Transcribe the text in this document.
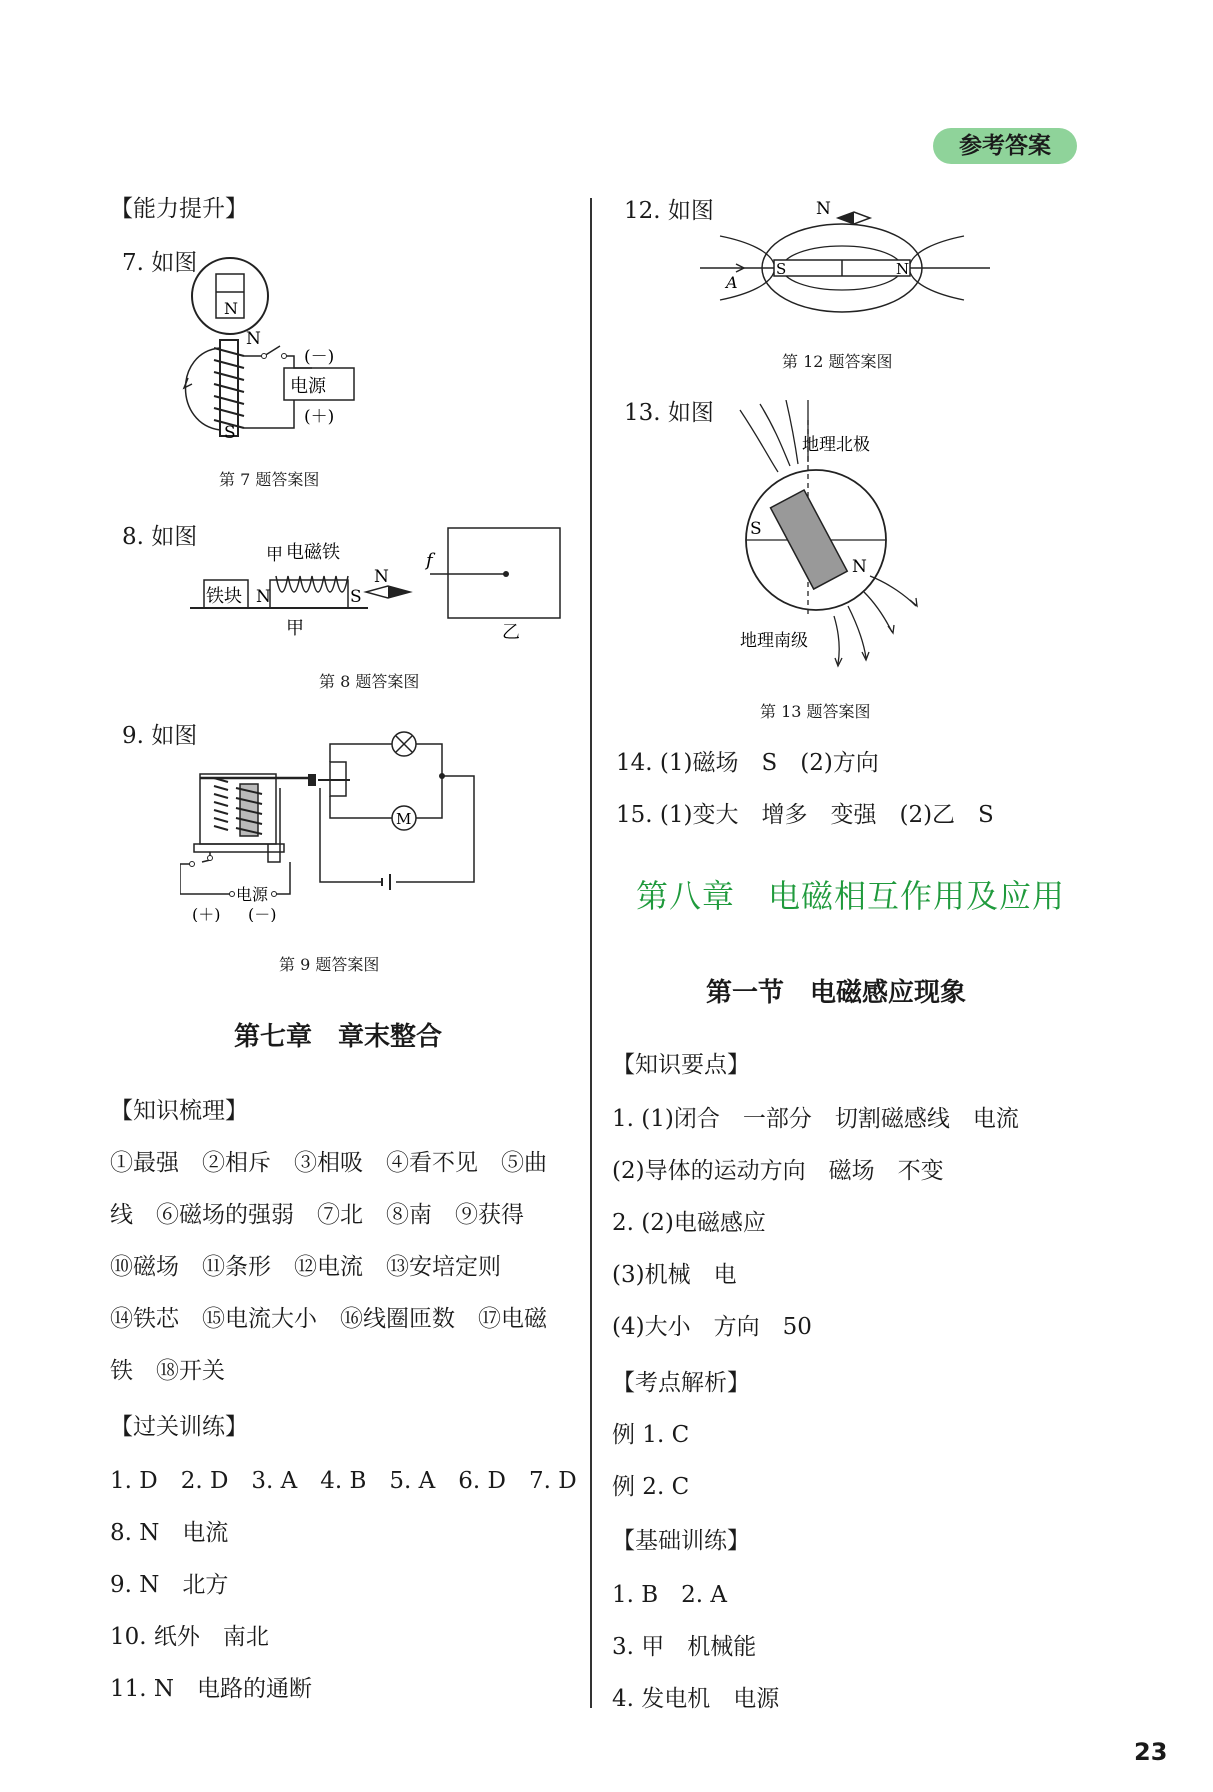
参考答案
【能力提升】
7. 如图
N
N
S
电源
(－)
(＋)
第 7 题答案图
8. 如图
铁块 N	S
甲 电磁铁
N
甲
f
乙
第 8 题答案图
9. 如图
M
电源
(＋) (－)
第 9 题答案图
第七章　章末整合
【知识梳理】
①最强　②相斥　③相吸　④看不见　⑤曲
线　⑥磁场的强弱　⑦北　⑧南　⑨获得
⑩磁场　⑪条形　⑫电流　⑬安培定则
⑭铁芯　⑮电流大小　⑯线圈匝数　⑰电磁
铁　⑱开关
【过关训练】
1. D　2. D　3. A　4. B　5. A　6. D　7. D
8. N　电流
9. N　北方
10. 纸外　南北
11. N　电路的通断
12. 如图	N
S	N
A
第 12 题答案图
13. 如图
S
N
地理北极
地理南级
第 13 题答案图
14. (1)磁场　S　(2)方向
15. (1)变大　增多　变强　(2)乙　S
第八章　电磁相互作用及应用
第一节　电磁感应现象
【知识要点】
1. (1)闭合　一部分　切割磁感线　电流
(2)导体的运动方向　磁场　不变
2. (2)电磁感应
(3)机械　电
(4)大小　方向　50
【考点解析】
例 1. C
例 2. C
【基础训练】
1. B　2. A
3. 甲　机械能
4. 发电机　电源
23
